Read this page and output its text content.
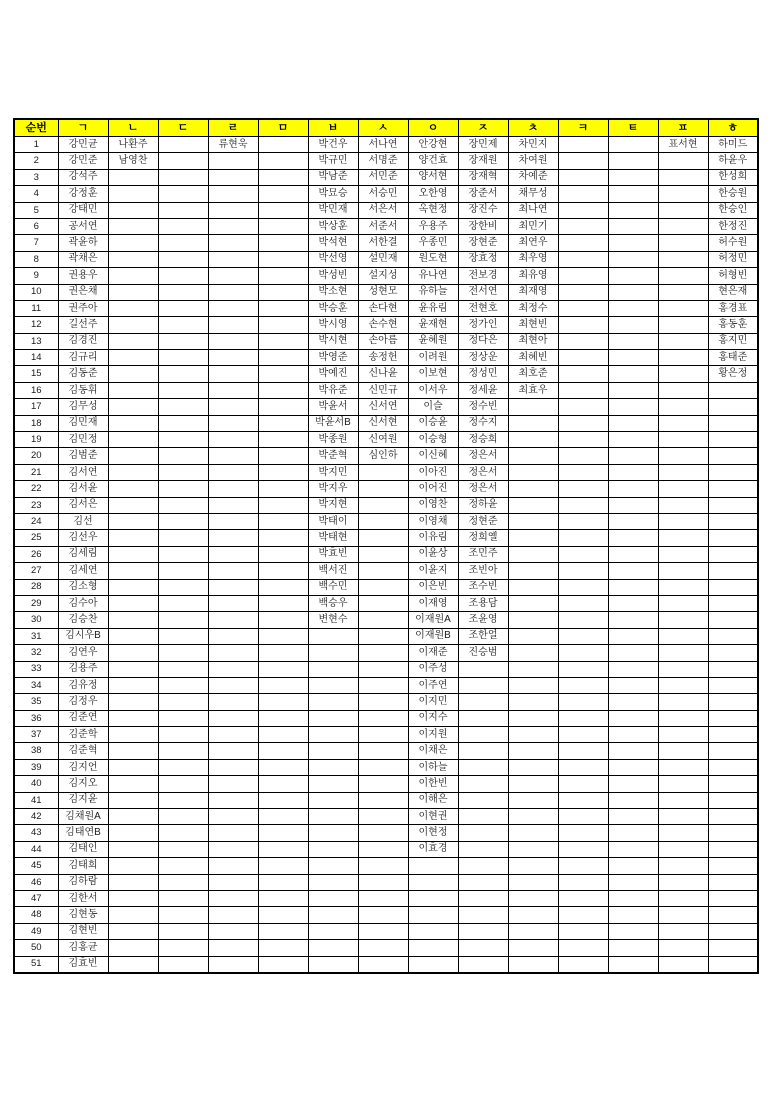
순번	ㄱ	ㄴ	ㄷ	ㄹ	ㅁ	ㅂ	ㅅ	ㅇ	ㅈ	ㅊ	ㅋ	ㅌ	ㅍ	ㅎ
1	강민균	나환주		류현욱		박건우	서나연	안강현	장민제	차민지			표서현	하미드
2	강민준	남영찬				박규민	서명준	양건효	장재원	차여원				하윤우
3	강석주					박남준	서민준	양서현	장재혁	차예준				한성희
4	강정훈					박묘승	서승민	오한영	장준서	채무성				한승원
5	강태민					박민재	서은서	옥현정	장진수	최나연				한승인
6	공서연					박상훈	서준서	우용주	장한비	최민기				한정진
7	곽윤하					박석현	서한결	우종민	장현준	최연우				허수원
8	곽채은					박선영	설민재	원도현	장효정	최우영				허정민
9	권용우					박성빈	설지성	유나연	전보경	최유영				허형빈
10	권은채					박소현	성현모	유하늘	전서연	최재영				현은재
11	권주아					박승훈	손다현	윤유림	전현호	최정수				홍경표
12	길선주					박시영	손수현	윤재현	정가인	최현빈				홍동훈
13	김경진					박시현	손아름	윤혜원	정다은	최현아				홍지민
14	김규리					박영준	송정헌	이려원	정상운	최혜빈				홍태준
15	김동준					박예진	신나윤	이보현	정성민	최호준				황은정
16	김동휘					박유준	신민규	이서우	정세윤	최효우				
17	김무성					박윤서	신서연	이슬	정수빈					
18	김민재					박윤서B	신서현	이승윤	정수지					
19	김민정					박종원	신여원	이승형	정승희					
20	김범준					박준혁	심인하	이신혜	정은서					
21	김서연					박지민		이아진	정은서					
22	김서윤					박지우		이어진	정은서					
23	김서은					박지현		이영찬	정하윤					
24	김선					박태이		이영채	정현준					
25	김선우					박태현		이유림	정희옐					
26	김세림					박효빈		이윤상	조민주					
27	김세연					백서진		이윤지	조빈아					
28	김소형					백수민		이은빈	조수빈					
29	김수아					백승우		이재영	조용담					
30	김승찬					변현수		이재원A	조윤영					
31	김시우B							이재원B	조한얼					
32	김연우							이재준	진승범					
33	김용주							이주성						
34	김유정							이주연						
35	김정우							이지민						
36	김준연							이지수						
37	김준학							이지원						
38	김준혁							이채은						
39	김지언							이하늘						
40	김지오							이한빈						
41	김지윤							이해은						
42	김채원A							이현권						
43	김태연B							이현정						
44	김태인							이효경						
45	김태희													
46	김하람													
47	김한서													
48	김현동													
49	김현빈													
50	김홍균													
51	김효빈													
